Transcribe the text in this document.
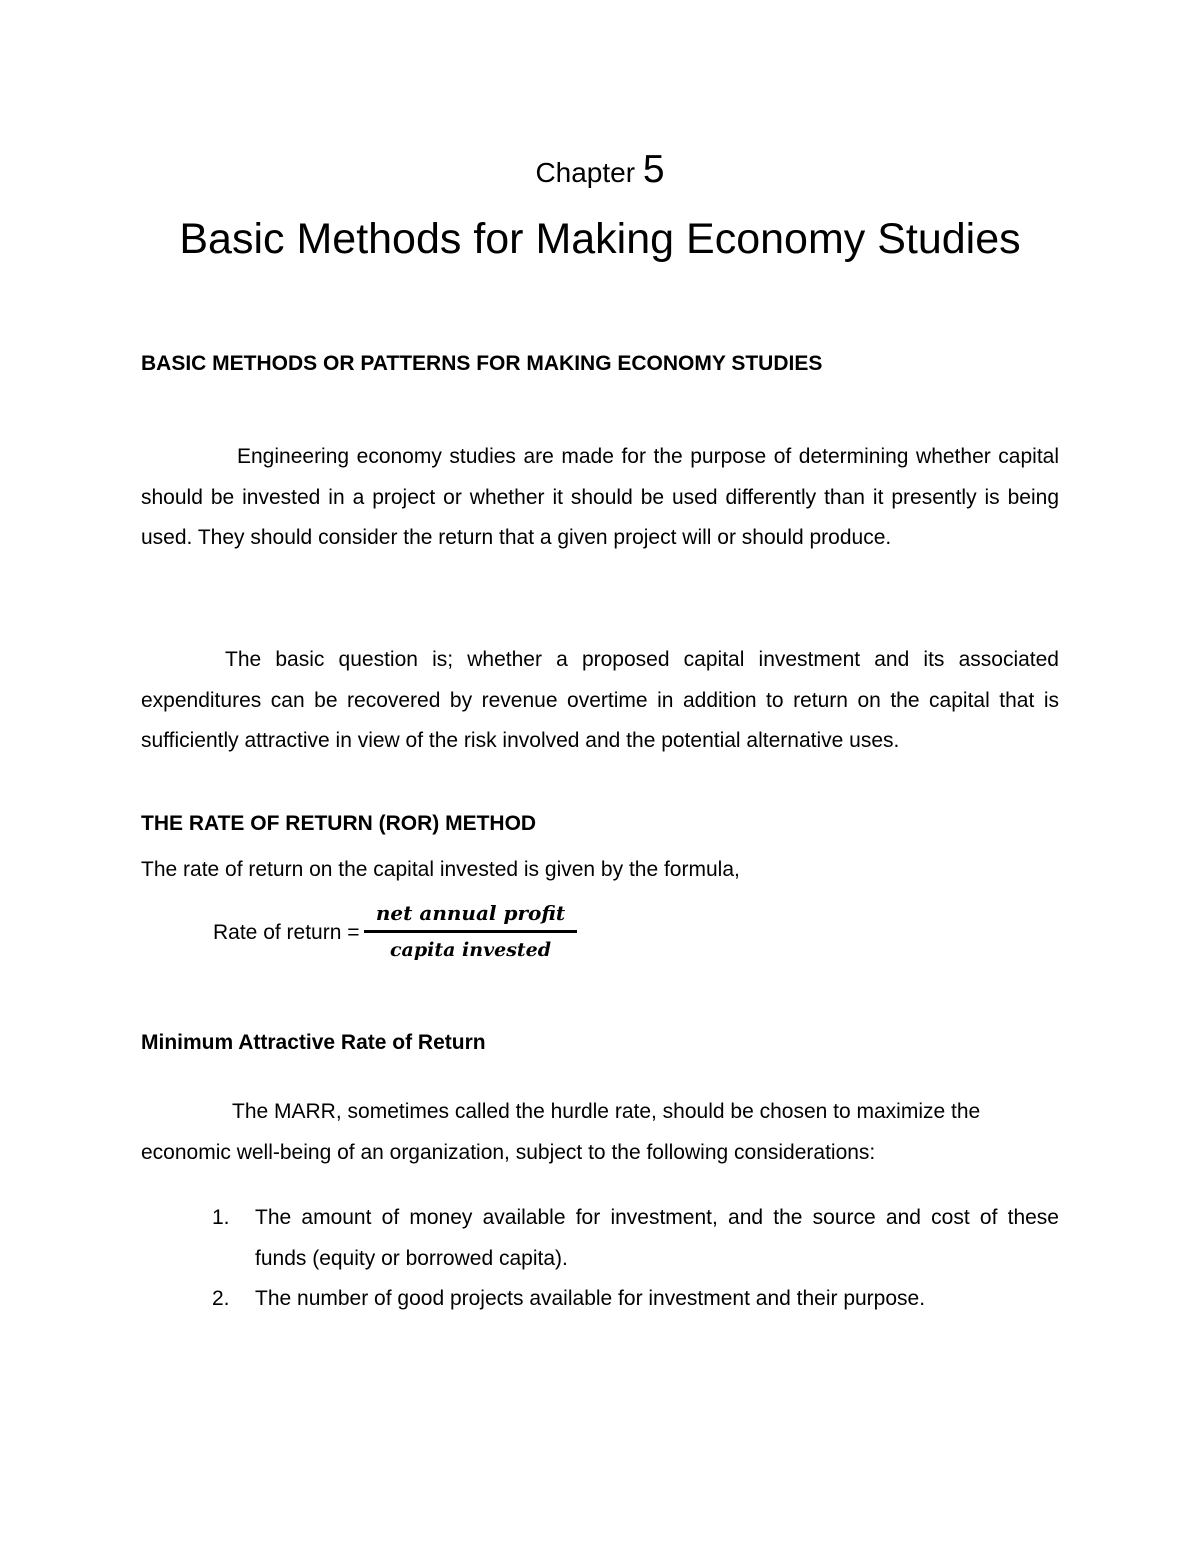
Chapter 5
Basic Methods for Making Economy Studies
BASIC METHODS OR PATTERNS FOR MAKING ECONOMY STUDIES
Engineering economy studies are made for the purpose of determining whether capital should be invested in a project or whether it should be used differently than it presently is being used. They should consider the return that a given project will or should produce.
The basic question is; whether a proposed capital investment and its associated expenditures can be recovered by revenue overtime in addition to return on the capital that is sufficiently attractive in view of the risk involved and the potential alternative uses.
THE RATE OF RETURN (ROR) METHOD
The rate of return on the capital invested is given by the formula,
Rate of return =
net annual profit
capita invested
Minimum Attractive Rate of Return
The MARR, sometimes called the hurdle rate, should be chosen to maximize the economic well-being of an organization, subject to the following considerations:
1. The amount of money available for investment, and the source and cost of these funds (equity or borrowed capita).
2. The number of good projects available for investment and their purpose.
